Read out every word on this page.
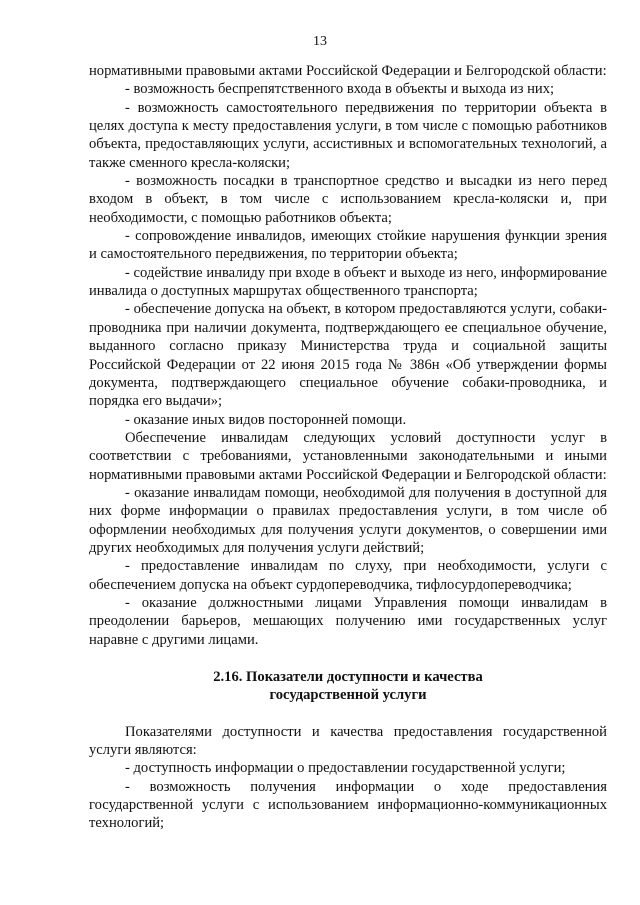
13

нормативными правовыми актами Российской Федерации и Белгородской области:

- возможность беспрепятственного входа в объекты и выхода из них;

- возможность самостоятельного передвижения по территории объекта в целях доступа к месту предоставления услуги, в том числе с помощью работников объекта, предоставляющих услуги, ассистивных и вспомогательных технологий, а также сменного кресла-коляски;

- возможность посадки в транспортное средство и высадки из него перед входом в объект, в том числе с использованием кресла-коляски и, при необходимости, с помощью работников объекта;

- сопровождение инвалидов, имеющих стойкие нарушения функции зрения и самостоятельного передвижения, по территории объекта;

- содействие инвалиду при входе в объект и выходе из него, информирование инвалида о доступных маршрутах общественного транспорта;

- обеспечение допуска на объект, в котором предоставляются услуги, собаки-проводника при наличии документа, подтверждающего ее специальное обучение, выданного согласно приказу Министерства труда и социальной защиты Российской Федерации от 22 июня 2015 года № 386н «Об утверждении формы документа, подтверждающего специальное обучение собаки-проводника, и порядка его выдачи»;

- оказание иных видов посторонней помощи.

Обеспечение инвалидам следующих условий доступности услуг в соответствии с требованиями, установленными законодательными и иными нормативными правовыми актами Российской Федерации и Белгородской области:

- оказание инвалидам помощи, необходимой для получения в доступной для них форме информации о правилах предоставления услуги, в том числе об оформлении необходимых для получения услуги документов, о совершении ими других необходимых для получения услуги действий;

- предоставление инвалидам по слуху, при необходимости, услуги с обеспечением допуска на объект сурдопереводчика, тифлосурдопереводчика;

- оказание должностными лицами Управления помощи инвалидам в преодолении барьеров, мешающих получению ими государственных услуг наравне с другими лицами.

2.16. Показатели доступности и качества
государственной услуги

Показателями доступности и качества предоставления государственной услуги являются:

- доступность информации о предоставлении государственной услуги;

- возможность получения информации о ходе предоставления государственной услуги с использованием информационно-коммуникационных технологий;
